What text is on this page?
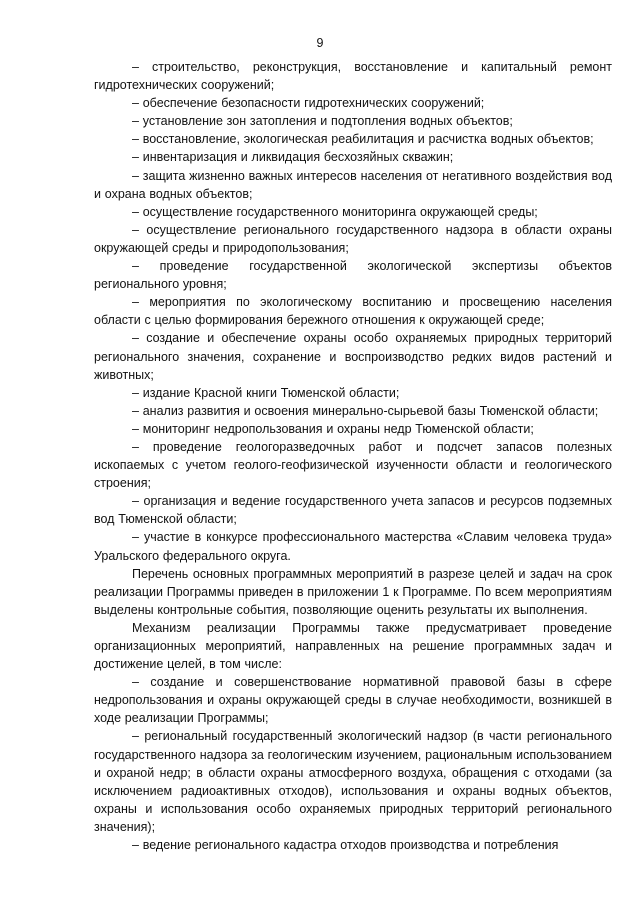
9

– строительство, реконструкция, восстановление и капитальный ремонт гидротехнических сооружений;

– обеспечение безопасности гидротехнических сооружений;

– установление зон затопления и подтопления водных объектов;

– восстановление, экологическая реабилитация и расчистка водных объектов;

– инвентаризация и ликвидация бесхозяйных скважин;

– защита жизненно важных интересов населения от негативного воздействия вод и охрана водных объектов;

– осуществление государственного мониторинга окружающей среды;

– осуществление регионального государственного надзора в области охраны окружающей среды и природопользования;

– проведение государственной экологической экспертизы объектов регионального уровня;

– мероприятия по экологическому воспитанию и просвещению населения области с целью формирования бережного отношения к окружающей среде;

– создание и обеспечение охраны особо охраняемых природных территорий регионального значения, сохранение и воспроизводство редких видов растений и животных;

– издание Красной книги Тюменской области;

– анализ развития и освоения минерально-сырьевой базы Тюменской области;

– мониторинг недропользования и охраны недр Тюменской области;

– проведение геологоразведочных работ и подсчет запасов полезных ископаемых с учетом геолого-геофизической изученности области и геологического строения;

– организация и ведение государственного учета запасов и ресурсов подземных вод Тюменской области;

– участие в конкурсе профессионального мастерства «Славим человека труда» Уральского федерального округа.

Перечень основных программных мероприятий в разрезе целей и задач на срок реализации Программы приведен в приложении 1 к Программе. По всем мероприятиям выделены контрольные события, позволяющие оценить результаты их выполнения.

Механизм реализации Программы также предусматривает проведение организационных мероприятий, направленных на решение программных задач и достижение целей, в том числе:

– создание и совершенствование нормативной правовой базы в сфере недропользования и охраны окружающей среды в случае необходимости, возникшей в ходе реализации Программы;

– региональный государственный экологический надзор (в части регионального государственного надзора за геологическим изучением, рациональным использованием и охраной недр; в области охраны атмосферного воздуха, обращения с отходами (за исключением радиоактивных отходов), использования и охраны водных объектов, охраны и использования особо охраняемых природных территорий регионального значения);

– ведение регионального кадастра отходов производства и потребления
